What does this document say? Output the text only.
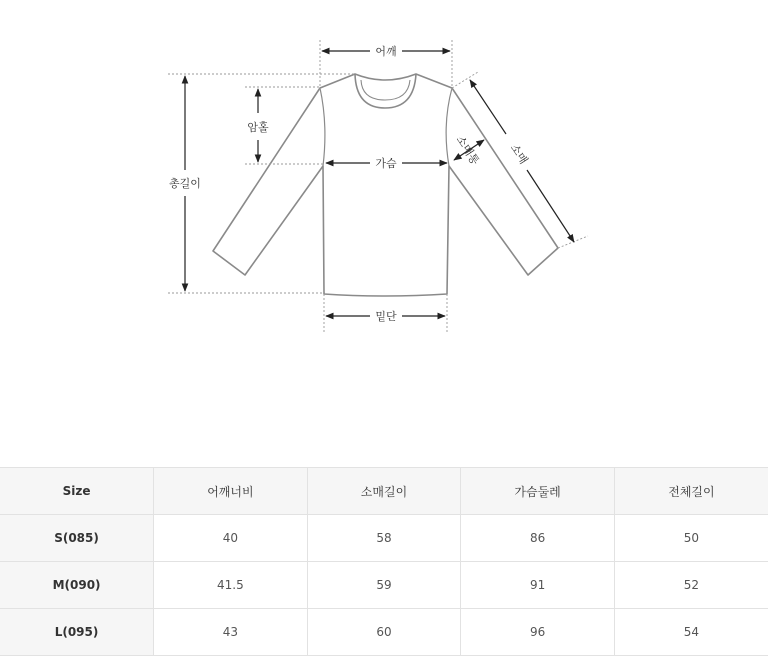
어깨
암홀
가슴
총길이
밑단
소매
소매통
Size	어깨너비	소매길이	가슴둘레	전체길이
S(085)	40	58	86	50
M(090)	41.5	59	91	52
L(095)	43	60	96	54
